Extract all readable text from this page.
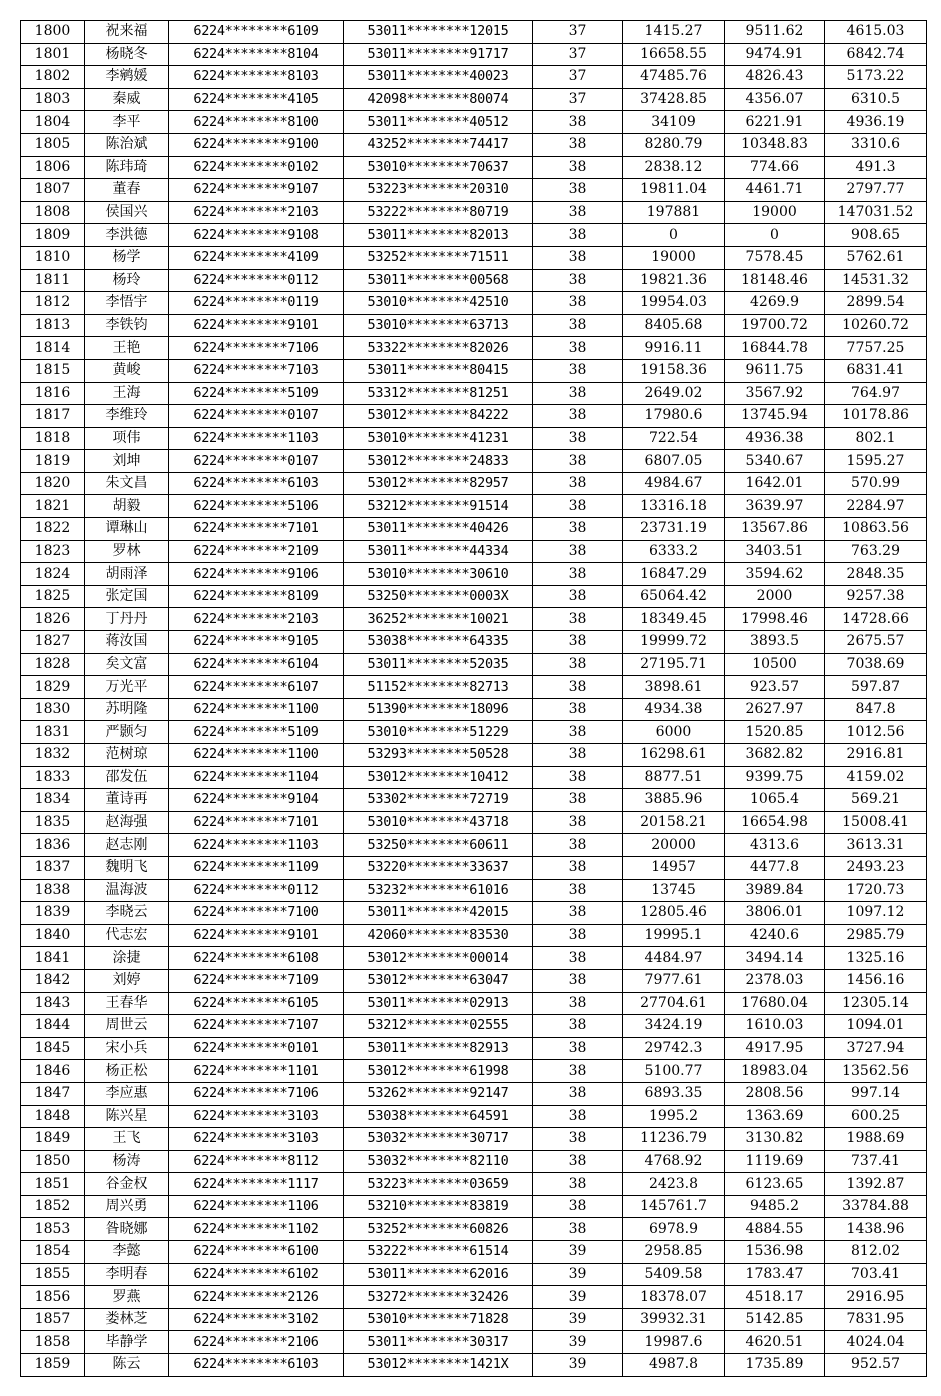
1800	祝来福	6224********6109	53011********12015	37	1415.27	9511.62	4615.03
1801	杨晓冬	6224********8104	53011********91717	37	16658.55	9474.91	6842.74
1802	李鹓媛	6224********8103	53011********40023	37	47485.76	4826.43	5173.22
1803	秦威	6224********4105	42098********80074	37	37428.85	4356.07	6310.5
1804	李平	6224********8100	53011********40512	38	34109	6221.91	4936.19
1805	陈治斌	6224********9100	43252********74417	38	8280.79	10348.83	3310.6
1806	陈玮琦	6224********0102	53010********70637	38	2838.12	774.66	491.3
1807	董春	6224********9107	53223********20310	38	19811.04	4461.71	2797.77
1808	侯国兴	6224********2103	53222********80719	38	197881	19000	147031.52
1809	李洪德	6224********9108	53011********82013	38	0	0	908.65
1810	杨学	6224********4109	53252********71511	38	19000	7578.45	5762.61
1811	杨玲	6224********0112	53011********00568	38	19821.36	18148.46	14531.32
1812	李悟宇	6224********0119	53010********42510	38	19954.03	4269.9	2899.54
1813	李铁钧	6224********9101	53010********63713	38	8405.68	19700.72	10260.72
1814	王艳	6224********7106	53322********82026	38	9916.11	16844.78	7757.25
1815	黄峻	6224********7103	53011********80415	38	19158.36	9611.75	6831.41
1816	王海	6224********5109	53312********81251	38	2649.02	3567.92	764.97
1817	李维玲	6224********0107	53012********84222	38	17980.6	13745.94	10178.86
1818	项伟	6224********1103	53010********41231	38	722.54	4936.38	802.1
1819	刘坤	6224********0107	53012********24833	38	6807.05	5340.67	1595.27
1820	朱文昌	6224********6103	53012********82957	38	4984.67	1642.01	570.99
1821	胡毅	6224********5106	53212********91514	38	13316.18	3639.97	2284.97
1822	谭琳山	6224********7101	53011********40426	38	23731.19	13567.86	10863.56
1823	罗林	6224********2109	53011********44334	38	6333.2	3403.51	763.29
1824	胡雨泽	6224********9106	53010********30610	38	16847.29	3594.62	2848.35
1825	张定国	6224********8109	53250********0003X	38	65064.42	2000	9257.38
1826	丁丹丹	6224********2103	36252********10021	38	18349.45	17998.46	14728.66
1827	蒋汝国	6224********9105	53038********64335	38	19999.72	3893.5	2675.57
1828	矣文富	6224********6104	53011********52035	38	27195.71	10500	7038.69
1829	万光平	6224********6107	51152********82713	38	3898.61	923.57	597.87
1830	苏明隆	6224********1100	51390********18096	38	4934.38	2627.97	847.8
1831	严颢匀	6224********5109	53010********51229	38	6000	1520.85	1012.56
1832	范树琼	6224********1100	53293********50528	38	16298.61	3682.82	2916.81
1833	邵发伍	6224********1104	53012********10412	38	8877.51	9399.75	4159.02
1834	董诗再	6224********9104	53302********72719	38	3885.96	1065.4	569.21
1835	赵海强	6224********7101	53010********43718	38	20158.21	16654.98	15008.41
1836	赵志刚	6224********1103	53250********60611	38	20000	4313.6	3613.31
1837	魏明飞	6224********1109	53220********33637	38	14957	4477.8	2493.23
1838	温海波	6224********0112	53232********61016	38	13745	3989.84	1720.73
1839	李晓云	6224********7100	53011********42015	38	12805.46	3806.01	1097.12
1840	代志宏	6224********9101	42060********83530	38	19995.1	4240.6	2985.79
1841	涂捷	6224********6108	53012********00014	38	4484.97	3494.14	1325.16
1842	刘婷	6224********7109	53012********63047	38	7977.61	2378.03	1456.16
1843	王春华	6224********6105	53011********02913	38	27704.61	17680.04	12305.14
1844	周世云	6224********7107	53212********02555	38	3424.19	1610.03	1094.01
1845	宋小兵	6224********0101	53011********82913	38	29742.3	4917.95	3727.94
1846	杨正松	6224********1101	53012********61998	38	5100.77	18983.04	13562.56
1847	李应惠	6224********7106	53262********92147	38	6893.35	2808.56	997.14
1848	陈兴星	6224********3103	53038********64591	38	1995.2	1363.69	600.25
1849	王飞	6224********3103	53032********30717	38	11236.79	3130.82	1988.69
1850	杨涛	6224********8112	53032********82110	38	4768.92	1119.69	737.41
1851	谷金权	6224********1117	53223********03659	38	2423.8	6123.65	1392.87
1852	周兴勇	6224********1106	53210********83819	38	145761.7	9485.2	33784.88
1853	昝晓娜	6224********1102	53252********60826	38	6978.9	4884.55	1438.96
1854	李懿	6224********6100	53222********61514	39	2958.85	1536.98	812.02
1855	李明春	6224********6102	53011********62016	39	5409.58	1783.47	703.41
1856	罗燕	6224********2126	53272********32426	39	18378.07	4518.17	2916.95
1857	娄林芝	6224********3102	53010********71828	39	39932.31	5142.85	7831.95
1858	毕静学	6224********2106	53011********30317	39	19987.6	4620.51	4024.04
1859	陈云	6224********6103	53012********1421X	39	4987.8	1735.89	952.57
